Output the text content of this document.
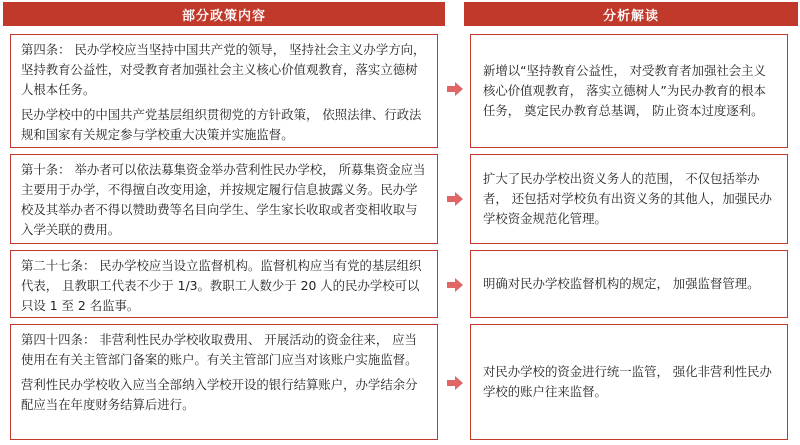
部分政策内容	分析解读

第四条： 民办学校应当坚持中国共产党的领导， 坚持社会主义办学方向，坚持教育公益性，对受教育者加强社会主义核心价值观教育，落实立德树人根本任务。

民办学校中的中国共产党基层组织贯彻党的方针政策， 依照法律、行政法规和国家有关规定参与学校重大决策并实施监督。

新增以“坚持教育公益性， 对受教育者加强社会主义核心价值观教育， 落实立德树人”为民办教育的根本任务， 奠定民办教育总基调， 防止资本过度逐利。

第十条： 举办者可以依法募集资金举办营利性民办学校， 所募集资金应当主要用于办学，不得擅自改变用途，并按规定履行信息披露义务。民办学校及其举办者不得以赞助费等名目向学生、学生家长收取或者变相收取与入学关联的费用。

扩大了民办学校出资义务人的范围， 不仅包括举办者， 还包括对学校负有出资义务的其他人，加强民办学校资金规范化管理。

第二十七条： 民办学校应当设立监督机构。监督机构应当有党的基层组织代表， 且教职工代表不少于 1/3。教职工人数少于 20 人的民办学校可以只设 1 至 2 名监事。

明确对民办学校监督机构的规定， 加强监督管理。

第四十四条： 非营利性民办学校收取费用、 开展活动的资金往来， 应当使用在有关主管部门备案的账户。有关主管部门应当对该账户实施监督。

营利性民办学校收入应当全部纳入学校开设的银行结算账户，办学结余分配应当在年度财务结算后进行。

对民办学校的资金进行统一监管， 强化非营利性民办学校的账户往来监督。
